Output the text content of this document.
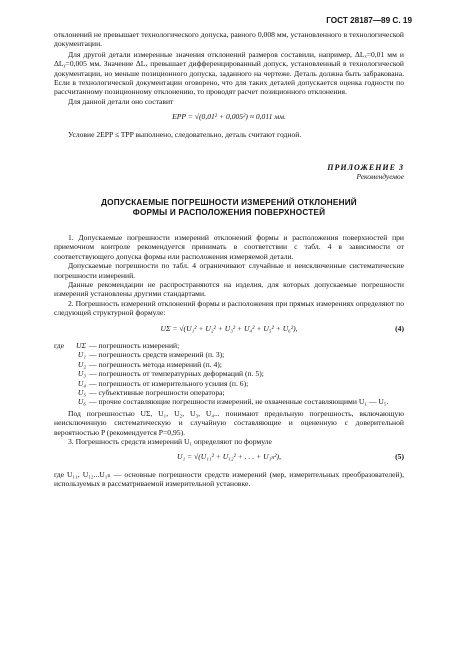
ГОСТ 28187—89 С. 19

отклонений не превышает технологического допуска, равного 0,008 мм, установленного в технологической документации.

Для другой детали измеренные значения отклонений размеров составили, например, ΔLₓ=0,01 мм и ΔLᵧ=0,005 мм. Значение ΔLₓ превышает дифференцированный допуск, установленный в технологической документации, но меньше позиционного допуска, заданного на чертеже. Деталь должна быть забракована. Если в технологической документации оговорено, что для таких деталей допускается оценка годности по рассчитанному позиционному отклонению, то проводят расчет позиционного отклонения.

Для данной детали оно составит

EPP = √(0,01² + 0,005²) ≈ 0,011 мм.

Условие 2EPP ≤ TPP выполнено, следовательно, деталь считают годной.

ПРИЛОЖЕНИЕ 3
Рекомендуемое
ДОПУСКАЕМЫЕ ПОГРЕШНОСТИ ИЗМЕРЕНИЙ ОТКЛОНЕНИЙ
ФОРМЫ И РАСПОЛОЖЕНИЯ ПОВЕРХНОСТЕЙ

1. Допускаемые погрешности измерений отклонений формы и расположения поверхностей при приемочном контроле рекомендуется принимать в соответствии с табл. 4 в зависимости от соответствующего допуска формы или расположения измеряемой детали.

Допускаемые погрешности по табл. 4 ограничивают случайные и неисключенные систематические погрешности измерений.

Данные рекомендации не распространяются на изделия, для которых допускаемые погрешности измерений установлены другими стандартами.

2. Погрешность измерений отклонений формы и расположения при прямых измерениях определяют по следующей структурной формуле:

UΣ = √(U₁² + U₂² + U₃² + U₄² + U₅² + U₆²),	(4)
где	UΣ — погрешность измерений;
U₁ — погрешность средств измерений (п. 3);
U₂ — погрешность метода измерений (п. 4);
U₃ — погрешность от температурных деформаций (п. 5);
U₄ — погрешность от измерительного усилия (п. 6);
U₅ — субъективные погрешности оператора;
U₆ — прочие составляющие погрешности измерений, не охваченные составляющими U₁ — U₅.

Под погрешностью UΣ, U₁, U₂, U₃, U₄... понимают предельную погрешность, включающую неисключенную систематическую и случайную составляющие и оцененную с доверительной вероятностью P (рекомендуется P=0,95).

3. Погрешность средств измерений U₁ определяют по формуле

U₁ = √(U₁₁² + U₁₂² + . . . + U₁ₙ²),	(5)

где U₁₁, U₁₂...U₁ₙ — основные погрешности средств измерений (мер, измерительных преобразователей), используемых в рассматриваемой измерительной установке.
